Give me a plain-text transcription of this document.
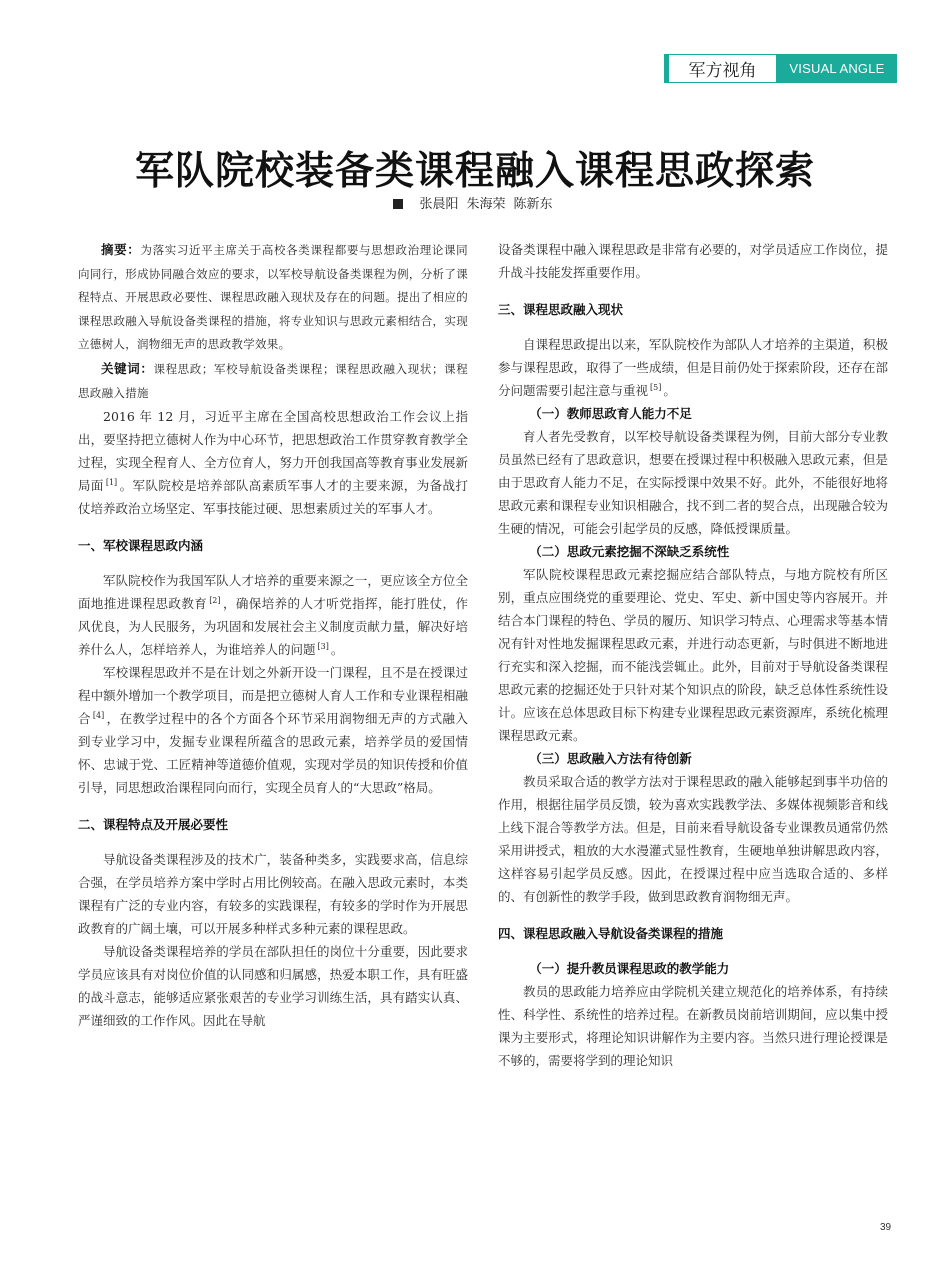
军方视角	VISUAL ANGLE
军队院校装备类课程融入课程思政探索
张晨阳 朱海荣 陈新东

摘要：为落实习近平主席关于高校各类课程都要与思想政治理论课同向同行，形成协同融合效应的要求，以军校导航设备类课程为例，分析了课程特点、开展思政必要性、课程思政融入现状及存在的问题。提出了相应的课程思政融入导航设备类课程的措施，将专业知识与思政元素相结合，实现立德树人，润物细无声的思政教学效果。

关键词：课程思政；军校导航设备类课程；课程思政融入现状；课程思政融入措施

2016 年 12 月，习近平主席在全国高校思想政治工作会议上指出，要坚持把立德树人作为中心环节，把思想政治工作贯穿教育教学全过程，实现全程育人、全方位育人，努力开创我国高等教育事业发展新局面 [1] 。军队院校是培养部队高素质军事人才的主要来源，为备战打仗培养政治立场坚定、军事技能过硬、思想素质过关的军事人才。

一、军校课程思政内涵

军队院校作为我国军队人才培养的重要来源之一，更应该全方位全面地推进课程思政教育 [2] ，确保培养的人才听党指挥，能打胜仗，作风优良，为人民服务，为巩固和发展社会主义制度贡献力量，解决好培养什么人，怎样培养人，为谁培养人的问题 [3] 。

军校课程思政并不是在计划之外新开设一门课程，且不是在授课过程中额外增加一个教学项目，而是把立德树人育人工作和专业课程相融合 [4] ，在教学过程中的各个方面各个环节采用润物细无声的方式融入到专业学习中，发掘专业课程所蕴含的思政元素，培养学员的爱国情怀、忠诚于党、工匠精神等道德价值观，实现对学员的知识传授和价值引导，同思想政治课程同向而行，实现全员育人的“大思政”格局。

二、课程特点及开展必要性

导航设备类课程涉及的技术广，装备种类多，实践要求高，信息综合强，在学员培养方案中学时占用比例较高。在融入思政元素时，本类课程有广泛的专业内容，有较多的实践课程，有较多的学时作为开展思政教育的广阔土壤，可以开展多种样式多种元素的课程思政。

导航设备类课程培养的学员在部队担任的岗位十分重要，因此要求学员应该具有对岗位价值的认同感和归属感，热爱本职工作，具有旺盛的战斗意志，能够适应紧张艰苦的专业学习训练生活，具有踏实认真、严谨细致的工作作风。因此在导航

设备类课程中融入课程思政是非常有必要的，对学员适应工作岗位，提升战斗技能发挥重要作用。

三、课程思政融入现状

自课程思政提出以来，军队院校作为部队人才培养的主渠道，积极参与课程思政，取得了一些成绩，但是目前仍处于探索阶段，还存在部分问题需要引起注意与重视 [5] 。

（一）教师思政育人能力不足

育人者先受教育，以军校导航设备类课程为例，目前大部分专业教员虽然已经有了思政意识，想要在授课过程中积极融入思政元素，但是由于思政育人能力不足，在实际授课中效果不好。此外，不能很好地将思政元素和课程专业知识相融合，找不到二者的契合点，出现融合较为生硬的情况，可能会引起学员的反感，降低授课质量。

（二）思政元素挖掘不深缺乏系统性

军队院校课程思政元素挖掘应结合部队特点，与地方院校有所区别，重点应围绕党的重要理论、党史、军史、新中国史等内容展开。并结合本门课程的特色、学员的履历、知识学习特点、心理需求等基本情况有针对性地发掘课程思政元素，并进行动态更新，与时俱进不断地进行充实和深入挖掘，而不能浅尝辄止。此外，目前对于导航设备类课程思政元素的挖掘还处于只针对某个知识点的阶段，缺乏总体性系统性设计。应该在总体思政目标下构建专业课程思政元素资源库，系统化梳理课程思政元素。

（三）思政融入方法有待创新

教员采取合适的教学方法对于课程思政的融入能够起到事半功倍的作用，根据往届学员反馈，较为喜欢实践教学法、多媒体视频影音和线上线下混合等教学方法。但是，目前来看导航设备专业课教员通常仍然采用讲授式，粗放的大水漫灌式显性教育，生硬地单独讲解思政内容，这样容易引起学员反感。因此，在授课过程中应当选取合适的、多样的、有创新性的教学手段，做到思政教育润物细无声。

四、课程思政融入导航设备类课程的措施
（一）提升教员课程思政的教学能力

教员的思政能力培养应由学院机关建立规范化的培养体系，有持续性、科学性、系统性的培养过程。在新教员岗前培训期间，应以集中授课为主要形式，将理论知识讲解作为主要内容。当然只进行理论授课是不够的，需要将学到的理论知识

39
